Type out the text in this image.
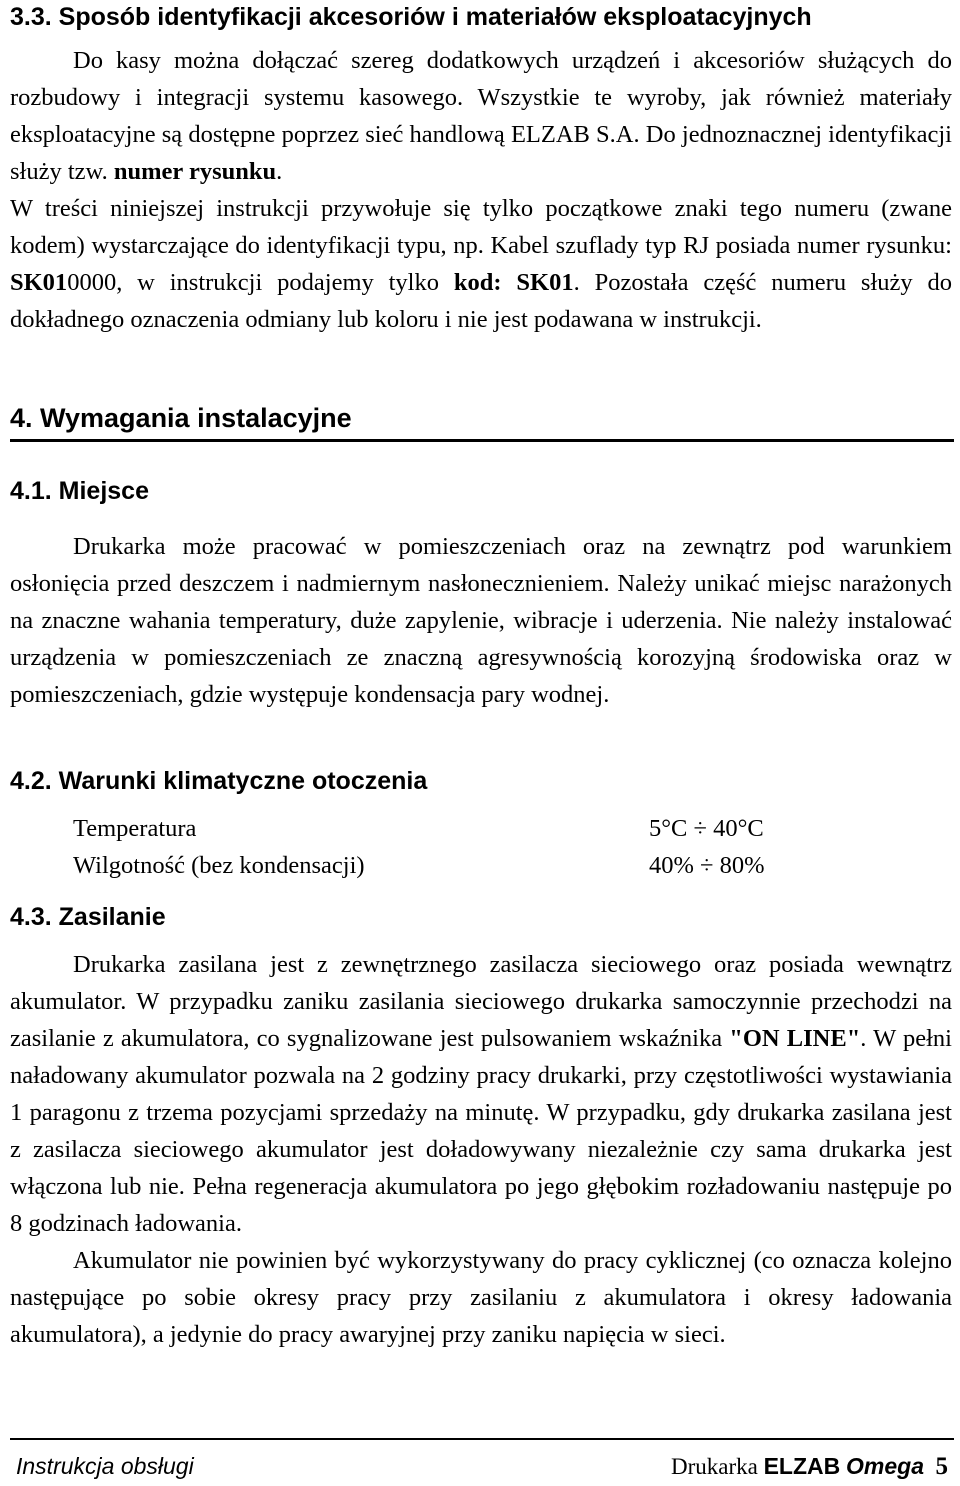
3.3. Sposób identyfikacji akcesoriów i materiałów eksploatacyjnych

Do kasy można dołączać szereg dodatkowych urządzeń i akcesoriów służących do rozbudowy i integracji systemu kasowego. Wszystkie te wyroby, jak również materiały eksploatacyjne są dostępne poprzez sieć handlową ELZAB S.A. Do jednoznacznej identyfikacji służy tzw. numer rysunku.

W treści niniejszej instrukcji przywołuje się tylko początkowe znaki tego numeru (zwane kodem) wystarczające do identyfikacji typu, np. Kabel szuflady typ RJ posiada numer rysunku: SK010000, w instrukcji podajemy tylko kod: SK01. Pozostała część numeru służy do dokładnego oznaczenia odmiany lub koloru i nie jest podawana w instrukcji.

4. Wymagania instalacyjne
4.1. Miejsce

Drukarka może pracować w pomieszczeniach oraz na zewnątrz pod warunkiem osłonięcia przed deszczem i nadmiernym nasłonecznieniem. Należy unikać miejsc narażonych na znaczne wahania temperatury, duże zapylenie, wibracje i uderzenia. Nie należy instalować urządzenia w pomieszczeniach ze znaczną agresywnością korozyjną środowiska oraz w pomieszczeniach, gdzie występuje kondensacja pary wodnej.

4.2. Warunki klimatyczne otoczenia
Temperatura	5°C ÷ 40°C
Wilgotność (bez kondensacji)	40% ÷ 80%
4.3. Zasilanie

Drukarka zasilana jest z zewnętrznego zasilacza sieciowego oraz posiada wewnątrz akumulator. W przypadku zaniku zasilania sieciowego drukarka samoczynnie przechodzi na zasilanie z akumulatora, co sygnalizowane jest pulsowaniem wskaźnika "ON LINE". W pełni naładowany akumulator pozwala na 2 godziny pracy drukarki, przy częstotliwości wystawiania 1 paragonu z trzema pozycjami sprzedaży na minutę. W przypadku, gdy drukarka zasilana jest z zasilacza sieciowego akumulator jest doładowywany niezależnie czy sama drukarka jest włączona lub nie. Pełna regeneracja akumulatora po jego głębokim rozładowaniu następuje po 8 godzinach ładowania.

Akumulator nie powinien być wykorzystywany do pracy cyklicznej (co oznacza kolejno następujące po sobie okresy pracy przy zasilaniu z akumulatora i okresy ładowania akumulatora), a jedynie do pracy awaryjnej przy zaniku napięcia w sieci.

Instrukcja obsługi	Drukarka ELZAB Omega 5
